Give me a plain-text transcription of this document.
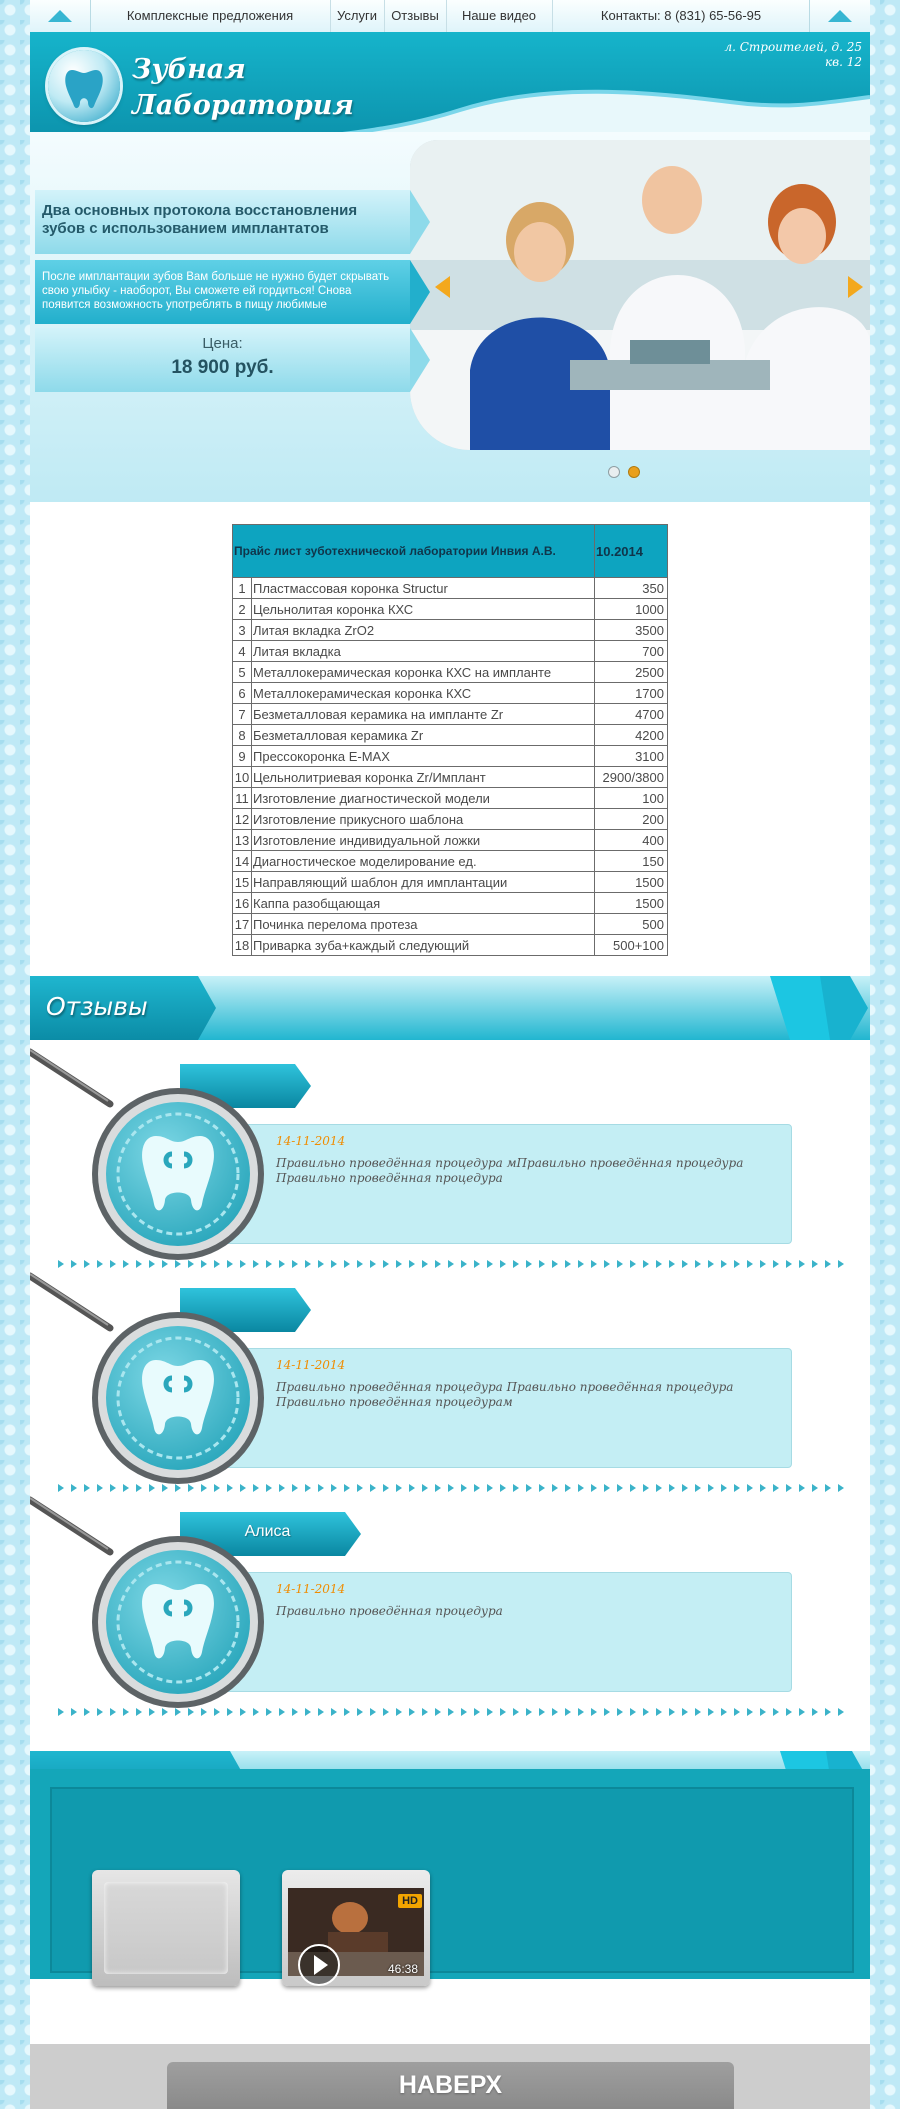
Комплексные предложения	Услуги	Отзывы	Наше видео	Контакты: 8 (831) 65-56-95
Зубная
Лаборатория
л. Строителей, д. 25
кв. 12
Два основных протокола восстановления зубов с использованием имплантатов
После имплантации зубов Вам больше не нужно будет скрывать свою улыбку - наоборот, Вы сможете ей гордиться! Снова появится возможность употреблять в пищу любимые
Цена:
18 900 руб.
Прайс лист зуботехнической лаборатории Инвия А.В.		10.2014
1	Пластмассовая коронка Structur	350
2	Цельнолитая коронка КХС	1000
3	Литая вкладка ZrO2	3500
4	Литая вкладка	700
5	Металлокерамическая коронка КХС на импланте	2500
6	Металлокерамическая коронка КХС	1700
7	Безметалловая керамика на импланте Zr	4700
8	Безметалловая керамика Zr	4200
9	Прессокоронка E-MAX	3100
10	Цельнолитриевая коронка Zr/Имплант	2900/3800
11	Изготовление диагностической модели	100
12	Изготовление прикусного шаблона	200
13	Изготовление индивидуальной ложки	400
14	Диагностическое моделирование ед.	150
15	Направляющий шаблон для имплантации	1500
16	Каппа разобщающая	1500
17	Починка перелома протеза	500
18	Приварка зуба+каждый следующий	500+100
Отзывы
14-11-2014
Правильно проведённая процедура мПравильно проведённая процедура Правильно проведённая процедура
14-11-2014
Правильно проведённая процедура Правильно проведённая процедура Правильно проведённая процедурам
Алиса
14-11-2014
Правильно проведённая процедура
HD
46:38
НАВЕРХ
